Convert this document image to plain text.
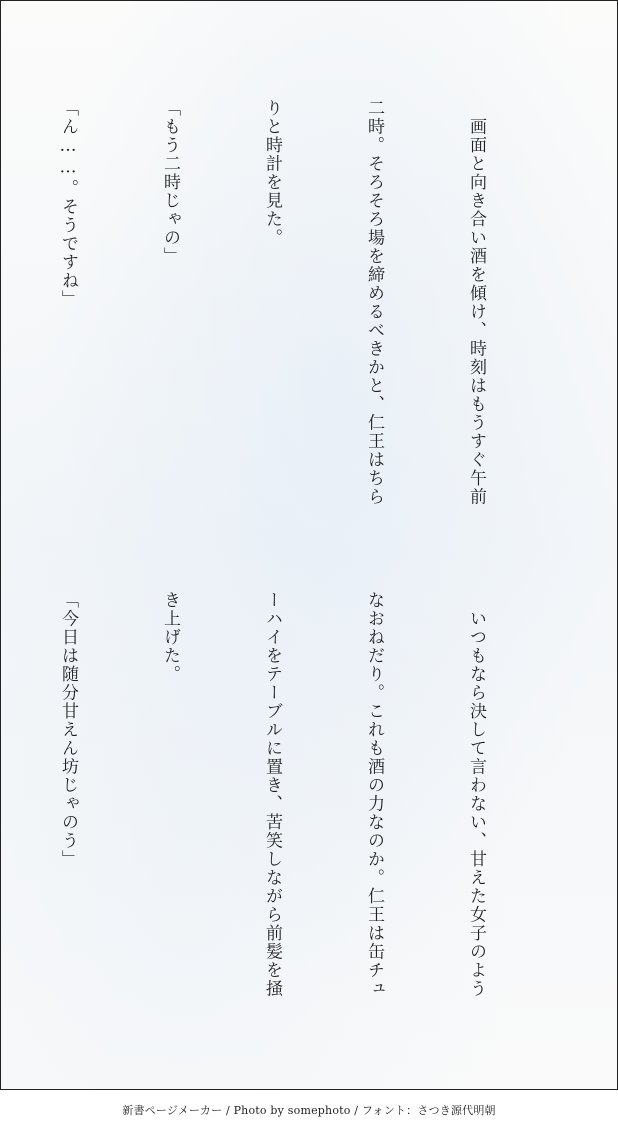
　画面と向き合い酒を傾け、時刻はもうすぐ午前

二時。そろそろ場を締めるべきかと、仁王はちら

りと時計を見た。

「もう二時じゃの」

「ん……。そうですね」

　いつもなら決して言わない、甘えた女子のよう

なおねだり。これも酒の力なのか。仁王は缶チュ

ーハイをテーブルに置き、苦笑しながら前髪を掻

き上げた。

「今日は随分甘えん坊じゃのう」

新書ページメーカー / Photo by somephoto / フォント：さつき源代明朝
